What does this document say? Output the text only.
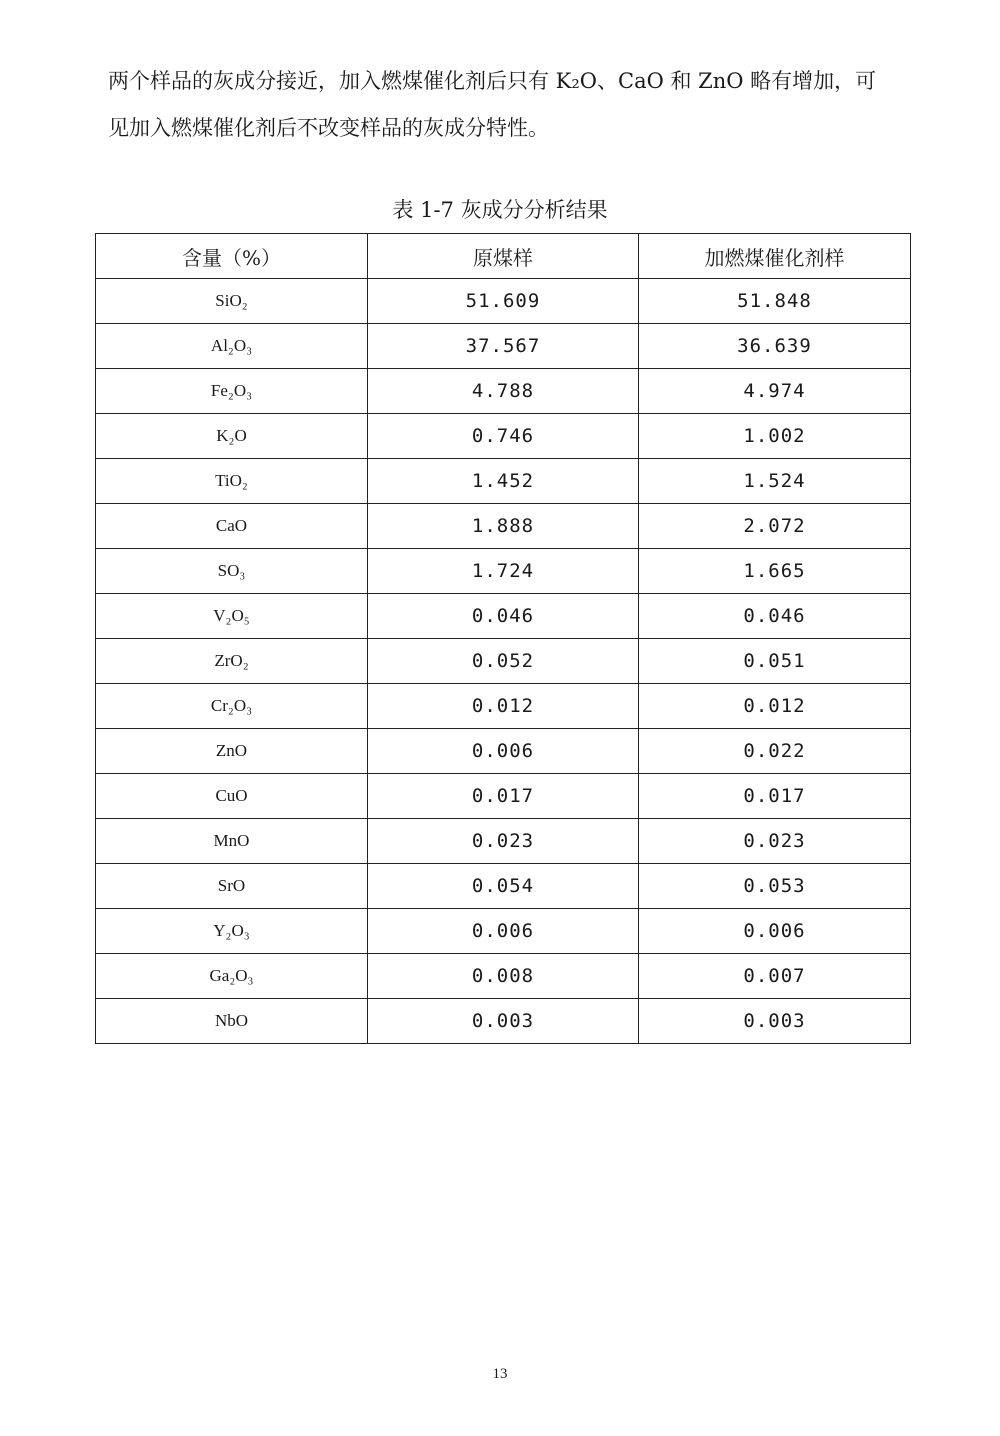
两个样品的灰成分接近，加入燃煤催化剂后只有 K₂O、CaO 和 ZnO 略有增加，可
见加入燃煤催化剂后不改变样品的灰成分特性。

表 1-7 灰成分分析结果

含量（%）	原煤样	加燃煤催化剂样
SiO₂	51.609	51.848
Al₂O₃	37.567	36.639
Fe₂O₃	4.788	4.974
K₂O	0.746	1.002
TiO₂	1.452	1.524
CaO	1.888	2.072
SO₃	1.724	1.665
V₂O₅	0.046	0.046
ZrO₂	0.052	0.051
Cr₂O₃	0.012	0.012
ZnO	0.006	0.022
CuO	0.017	0.017
MnO	0.023	0.023
SrO	0.054	0.053
Y₂O₃	0.006	0.006
Ga₂O₃	0.008	0.007
NbO	0.003	0.003
13
